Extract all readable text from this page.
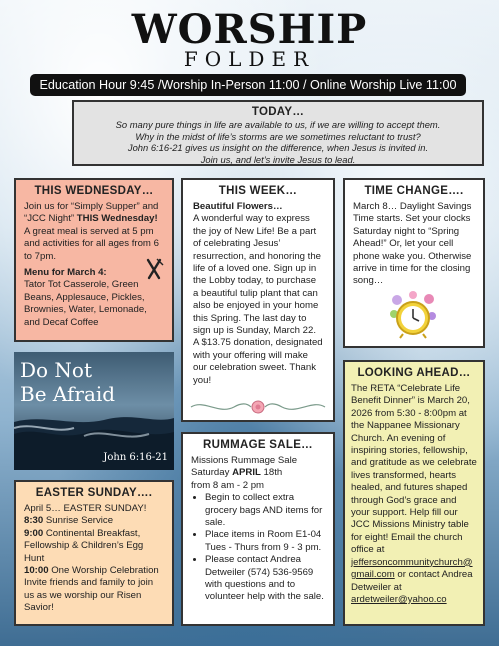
WORSHIP
FOLDER
Education Hour 9:45 /Worship In-Person 11:00 / Online Worship Live 11:00
TODAY…

So many pure things in life are available to us, if we are willing to accept them.

Why in the midst of life’s storms are we sometimes reluctant to trust?

John 6:16-21 gives us insight on the difference, when Jesus is invited in.

Join us, and let’s invite Jesus to lead.

THIS WEDNESDAY…

Join us for “Simply Supper” and “JCC Night” THIS Wednesday! A great meal is served at 5 pm and activities for all ages from 6 to 7pm.

Menu for March 4:

Tator Tot Casserole, Green Beans, Applesauce, Pickles, Brownies, Water, Lemonade, and Decaf Coffee

THIS WEEK…

Beautiful Flowers…

A wonderful way to express the joy of New Life! Be a part of celebrating Jesus’ resurrection, and honoring the life of a loved one. Sign up in the Lobby today, to purchase a beautiful tulip plant that can also be enjoyed in your home this Spring. The last day to sign up is Sunday, March 22. A $13.75 donation, designated with your offering will make our celebration sweet. Thank you!

TIME CHANGE….

March 8… Daylight Savings Time starts. Set your clocks Saturday night to “Spring Ahead!” Or, let your cell phone wake you. Otherwise arrive in time for the closing song…

Do Not
Be Afraid
John 6:16-21
RUMMAGE SALE…

Missions Rummage Sale

Saturday APRIL 18th

from 8 am - 2 pm

• Begin to collect extra grocery bags AND items for sale.
• Place items in Room E1-04 Tues - Thurs from 9 - 3 pm.
• Please contact Andrea Detweiler (574) 536-9569 with questions and to volunteer help with the sale.
LOOKING AHEAD…

The RETA “Celebrate Life Benefit Dinner” is March 20, 2026 from 5:30 - 8:00pm at the Nappanee Missionary Church. An evening of inspiring stories, fellowship, and gratitude as we celebrate lives transformed, hearts healed, and futures shaped through God’s grace and your support. Help fill our JCC Missions Ministry table for eight! Email the church office at jeffersoncommunitychurch@gmail.com or contact Andrea Detweiler at ardetweiler@yahoo.co

EASTER SUNDAY….

April 5… EASTER SUNDAY!

8:30 Sunrise Service

9:00 Continental Breakfast, Fellowship & Children’s Egg Hunt

10:00 One Worship Celebration Invite friends and family to join us as we worship our Risen Savior!
